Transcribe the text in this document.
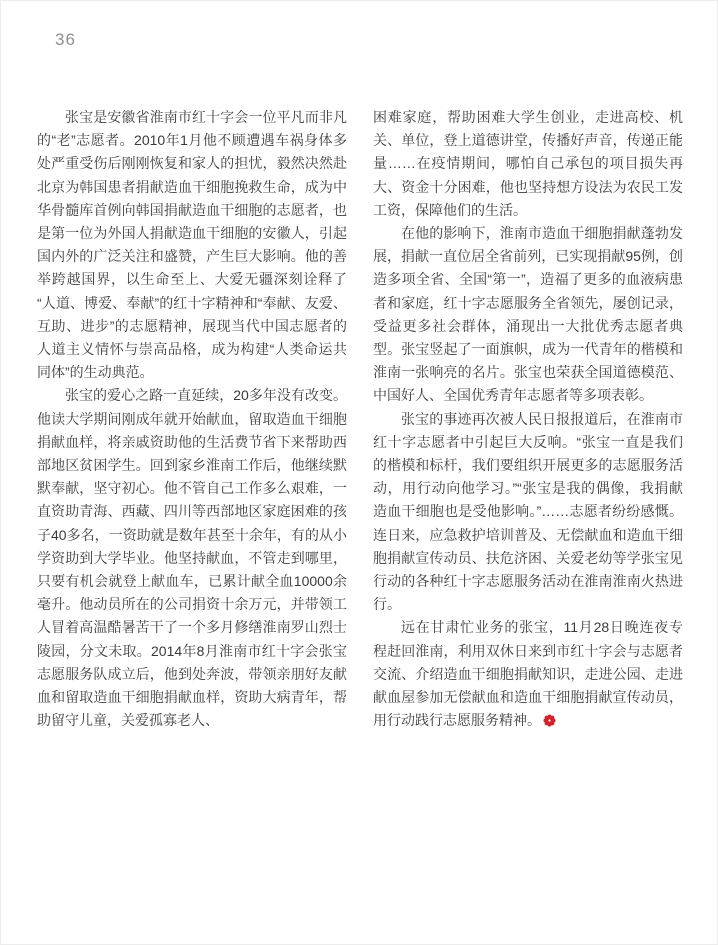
36

张宝是安徽省淮南市红十字会一位平凡而非凡的“老”志愿者。2010年1月他不顾遭遇车祸身体多处严重受伤后刚刚恢复和家人的担忧，毅然决然赴北京为韩国患者捐献造血干细胞挽救生命，成为中华骨髓库首例向韩国捐献造血干细胞的志愿者，也是第一位为外国人捐献造血干细胞的安徽人，引起国内外的广泛关注和盛赞，产生巨大影响。他的善举跨越国界，以生命至上、大爱无疆深刻诠释了“人道、博爱、奉献”的红十字精神和“奉献、友爱、互助、进步”的志愿精神，展现当代中国志愿者的人道主义情怀与崇高品格，成为构建“人类命运共同体”的生动典范。

张宝的爱心之路一直延续，20多年没有改变。他读大学期间刚成年就开始献血，留取造血干细胞捐献血样，将亲戚资助他的生活费节省下来帮助西部地区贫困学生。回到家乡淮南工作后，他继续默默奉献，坚守初心。他不管自己工作多么艰难，一直资助青海、西藏、四川等西部地区家庭困难的孩子40多名，一资助就是数年甚至十余年，有的从小学资助到大学毕业。他坚持献血，不管走到哪里，只要有机会就登上献血车，已累计献全血10000余毫升。他动员所在的公司捐资十余万元，并带领工人冒着高温酷暑苦干了一个多月修缮淮南罗山烈士陵园，分文未取。2014年8月淮南市红十字会张宝志愿服务队成立后，他到处奔波，带领亲朋好友献血和留取造血干细胞捐献血样，资助大病青年，帮助留守儿童，关爱孤寡老人、

困难家庭，帮助困难大学生创业，走进高校、机关、单位，登上道德讲堂，传播好声音，传递正能量……在疫情期间，哪怕自己承包的项目损失再大、资金十分困难，他也坚持想方设法为农民工发工资，保障他们的生活。

在他的影响下，淮南市造血干细胞捐献蓬勃发展，捐献一直位居全省前列，已实现捐献95例，创造多项全省、全国“第一”，造福了更多的血液病患者和家庭，红十字志愿服务全省领先，屡创记录，受益更多社会群体，涌现出一大批优秀志愿者典型。张宝竖起了一面旗帜，成为一代青年的楷模和淮南一张响亮的名片。张宝也荣获全国道德模范、中国好人、全国优秀青年志愿者等多项表彰。

张宝的事迹再次被人民日报报道后，在淮南市红十字志愿者中引起巨大反响。“张宝一直是我们的楷模和标杆，我们要组织开展更多的志愿服务活动，用行动向他学习。”“张宝是我的偶像，我捐献造血干细胞也是受他影响。”……志愿者纷纷感慨。连日来，应急救护培训普及、无偿献血和造血干细胞捐献宣传动员、扶危济困、关爱老幼等学张宝见行动的各种红十字志愿服务活动在淮南淮南火热进行。

远在甘肃忙业务的张宝，11月28日晚连夜专程赶回淮南，利用双休日来到市红十字会与志愿者交流、介绍造血干细胞捐献知识，走进公园、走进献血屋参加无偿献血和造血干细胞捐献宣传动员，用行动践行志愿服务精神。
